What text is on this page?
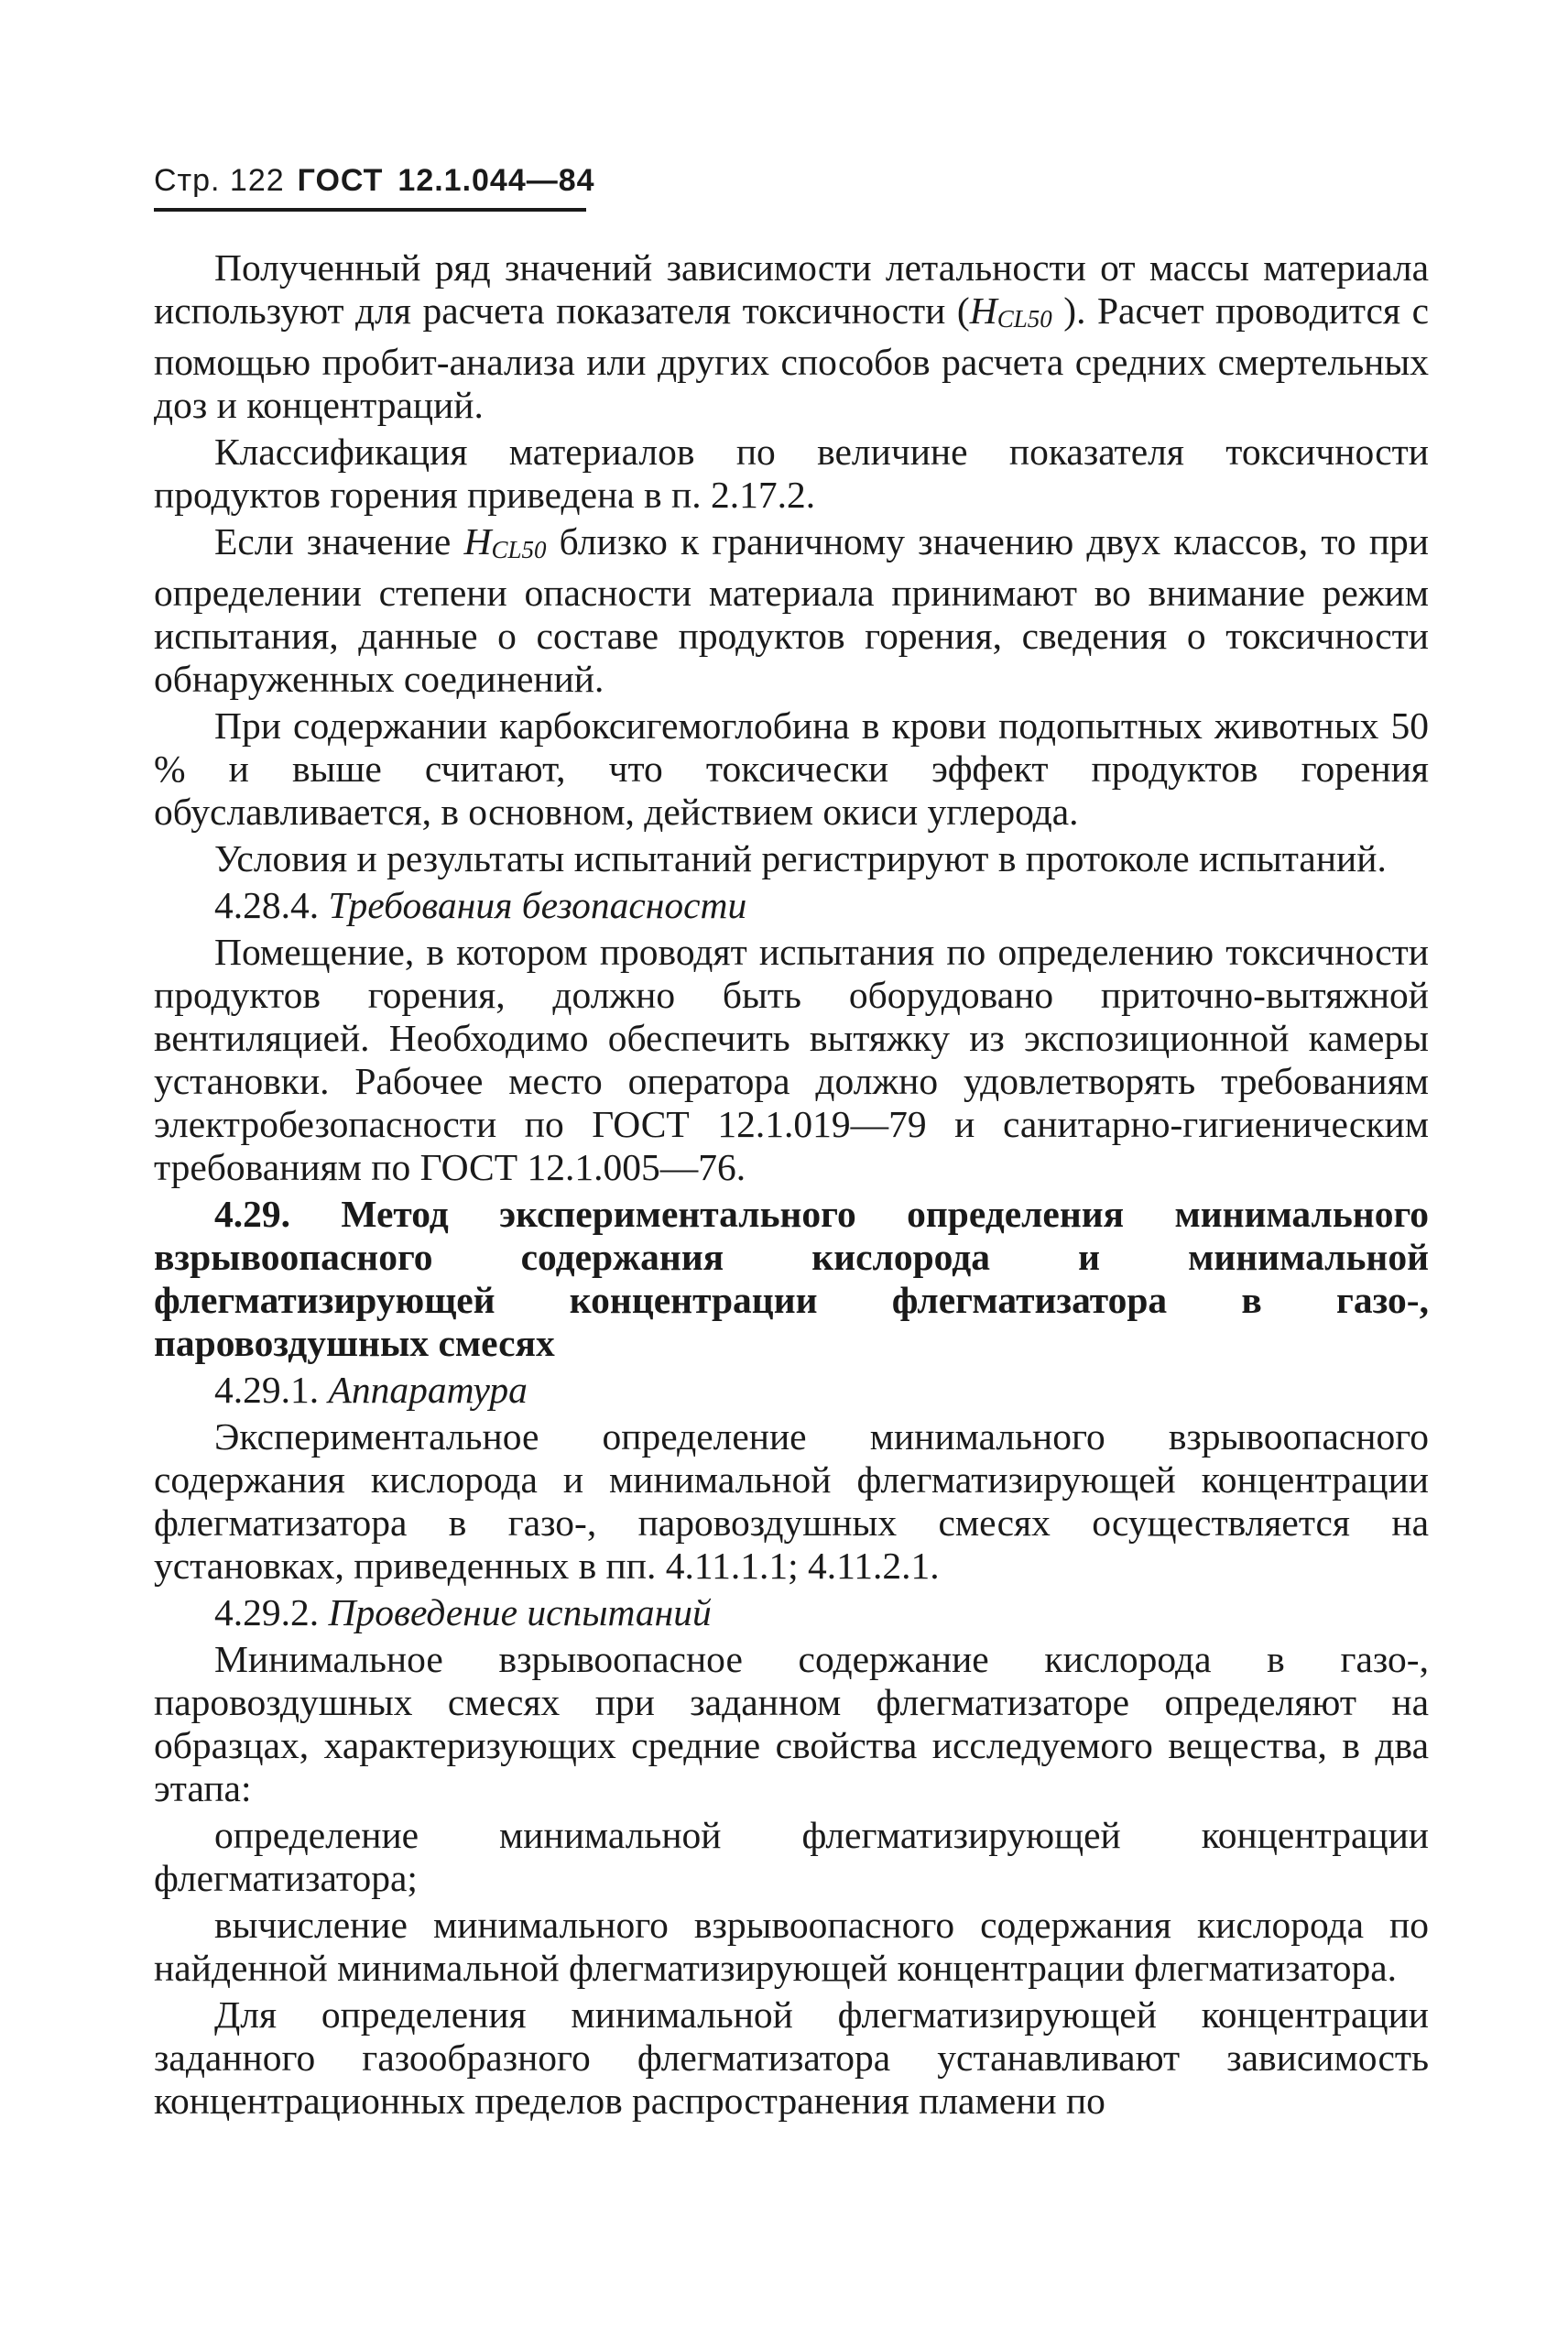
Стр. 122 ГОСТ 12.1.044—84

Полученный ряд значений зависимости летальности от массы материала используют для расчета показателя токсичности (HCL50 ). Расчет проводится с помощью пробит-анализа или других способов расчета средних смертельных доз и концентраций.

Классификация материалов по величине показателя токсичности продуктов горения приведена в п. 2.17.2.

Если значение HCL50 близко к граничному значению двух классов, то при определении степени опасности материала принимают во внимание режим испытания, данные о составе продуктов горения, сведения о токсичности обнаруженных соединений.

При содержании карбоксигемоглобина в крови подопытных животных 50 % и выше считают, что токсически эффект продуктов горения обуславливается, в основном, действием окиси углерода.

Условия и результаты испытаний регистрируют в протоколе испытаний.

4.28.4. Требования безопасности

Помещение, в котором проводят испытания по определению токсичности продуктов горения, должно быть оборудовано приточно-вытяжной вентиляцией. Необходимо обеспечить вытяжку из экспозиционной камеры установки. Рабочее место оператора должно удовлетворять требованиям электробезопасности по ГОСТ 12.1.019—79 и санитарно-гигиеническим требованиям по ГОСТ 12.1.005—76.

4.29. Метод экспериментального определения минимального взрывоопасного содержания кислорода и минимальной флегматизирующей концентрации флегматизатора в газо-, паровоздушных смесях

4.29.1. Аппаратура

Экспериментальное определение минимального взрывоопасного содержания кислорода и минимальной флегматизирующей концентрации флегматизатора в газо-, паровоздушных смесях осуществляется на установках, приведенных в пп. 4.11.1.1; 4.11.2.1.

4.29.2. Проведение испытаний

Минимальное взрывоопасное содержание кислорода в газо-, паровоздушных смесях при заданном флегматизаторе определяют на образцах, характеризующих средние свойства исследуемого вещества, в два этапа:

определение минимальной флегматизирующей концентрации флегматизатора;

вычисление минимального взрывоопасного содержания кислорода по найденной минимальной флегматизирующей концентрации флегматизатора.

Для определения минимальной флегматизирующей концентрации заданного газообразного флегматизатора устанавливают зависимость концентрационных пределов распространения пламени по
